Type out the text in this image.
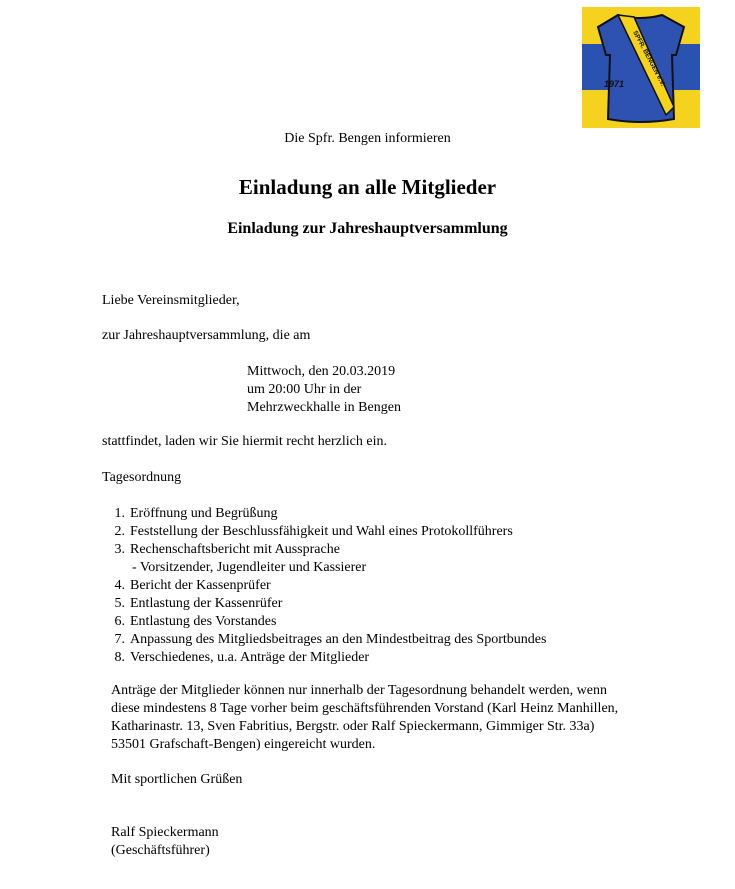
SPFR. BENGEN e.V.
1971
Die Spfr. Bengen informieren
Einladung an alle Mitglieder
Einladung zur Jahreshauptversammlung
Liebe Vereinsmitglieder,
zur Jahreshauptversammlung, die am
Mittwoch, den 20.03.2019
um 20:00 Uhr in der
Mehrzweckhalle in Bengen
stattfindet, laden wir Sie hiermit recht herzlich ein.
Tagesordnung
1. Eröffnung und Begrüßung
2. Feststellung der Beschlussfähigkeit und Wahl eines Protokollführers
3. Rechenschaftsbericht mit Aussprache
- Vorsitzender, Jugendleiter und Kassierer
4. Bericht der Kassenprüfer
5. Entlastung der Kassenrüfer
6. Entlastung des Vorstandes
7. Anpassung des Mitgliedsbeitrages an den Mindestbeitrag des Sportbundes
8. Verschiedenes, u.a. Anträge der Mitglieder
Anträge der Mitglieder können nur innerhalb der Tagesordnung behandelt werden, wenn
diese mindestens 8 Tage vorher beim geschäftsführenden Vorstand (Karl Heinz Manhillen,
Katharinastr. 13, Sven Fabritius, Bergstr. oder Ralf Spieckermann, Gimmiger Str. 33a)
53501 Grafschaft-Bengen) eingereicht wurden.
Mit sportlichen Grüßen
Ralf Spieckermann
(Geschäftsführer)
